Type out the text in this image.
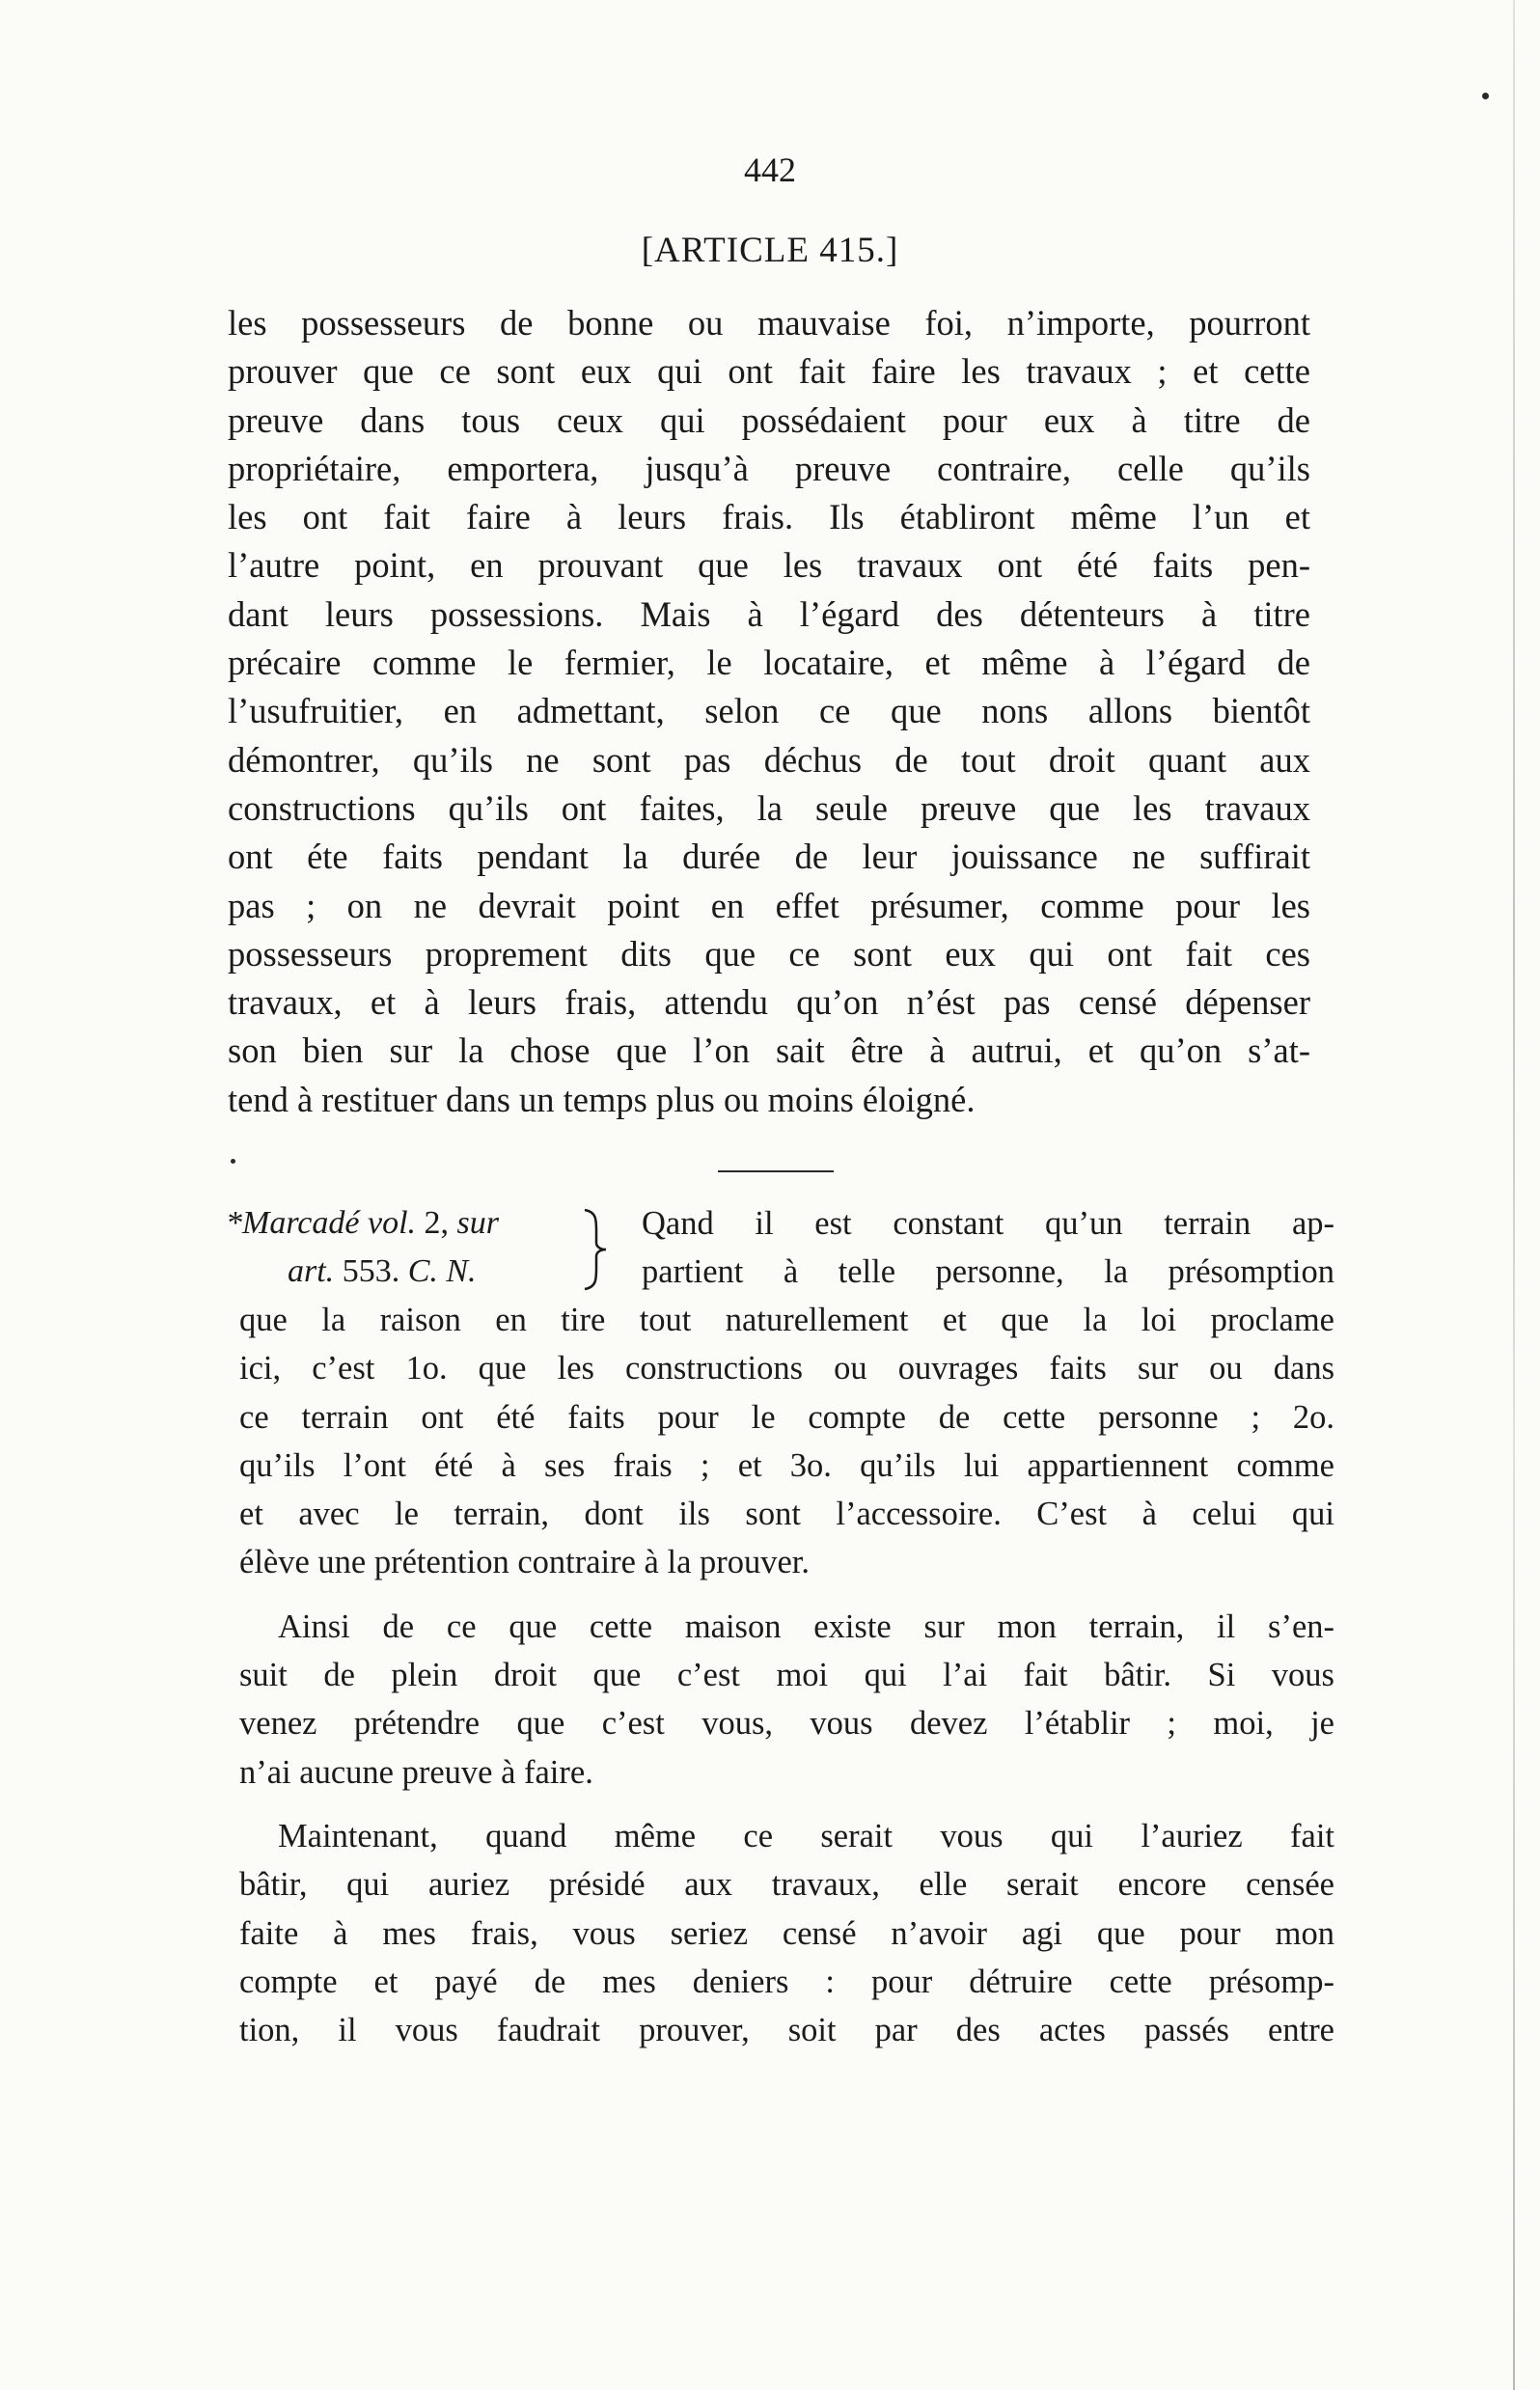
442
[ARTICLE 415.]
les possesseurs de bonne ou mauvaise foi, n’importe, pourront
prouver que ce sont eux qui ont fait faire les travaux ; et cette
preuve dans tous ceux qui possédaient pour eux à titre de
propriétaire, emportera, jusqu’à preuve contraire, celle qu’ils
les ont fait faire à leurs frais. Ils établiront même l’un et
l’autre point, en prouvant que les travaux ont été faits pen-
dant leurs possessions. Mais à l’égard des détenteurs à titre
précaire comme le fermier, le locataire, et même à l’égard de
l’usufruitier, en admettant, selon ce que nons allons bientôt
démontrer, qu’ils ne sont pas déchus de tout droit quant aux
constructions qu’ils ont faites, la seule preuve que les travaux
ont éte faits pendant la durée de leur jouissance ne suffirait
pas ; on ne devrait point en effet présumer, comme pour les
possesseurs proprement dits que ce sont eux qui ont fait ces
travaux, et à leurs frais, attendu qu’on n’ést pas censé dépenser
son bien sur la chose que l’on sait être à autrui, et qu’on s’at-
tend à restituer dans un temps plus ou moins éloigné.
*Marcadé vol. 2, sur
art. 553. C. N.
Qand il est constant qu’un terrain ap-
partient à telle personne, la présomption
que la raison en tire tout naturellement et que la loi proclame
ici, c’est 1o. que les constructions ou ouvrages faits sur ou dans
ce terrain ont été faits pour le compte de cette personne ; 2o.
qu’ils l’ont été à ses frais ; et 3o. qu’ils lui appartiennent comme
et avec le terrain, dont ils sont l’accessoire. C’est à celui qui
élève une prétention contraire à la prouver.
Ainsi de ce que cette maison existe sur mon terrain, il s’en-
suit de plein droit que c’est moi qui l’ai fait bâtir. Si vous
venez prétendre que c’est vous, vous devez l’établir ; moi, je
n’ai aucune preuve à faire.
Maintenant, quand même ce serait vous qui l’auriez fait
bâtir, qui auriez présidé aux travaux, elle serait encore censée
faite à mes frais, vous seriez censé n’avoir agi que pour mon
compte et payé de mes deniers : pour détruire cette présomp-
tion, il vous faudrait prouver, soit par des actes passés entre
